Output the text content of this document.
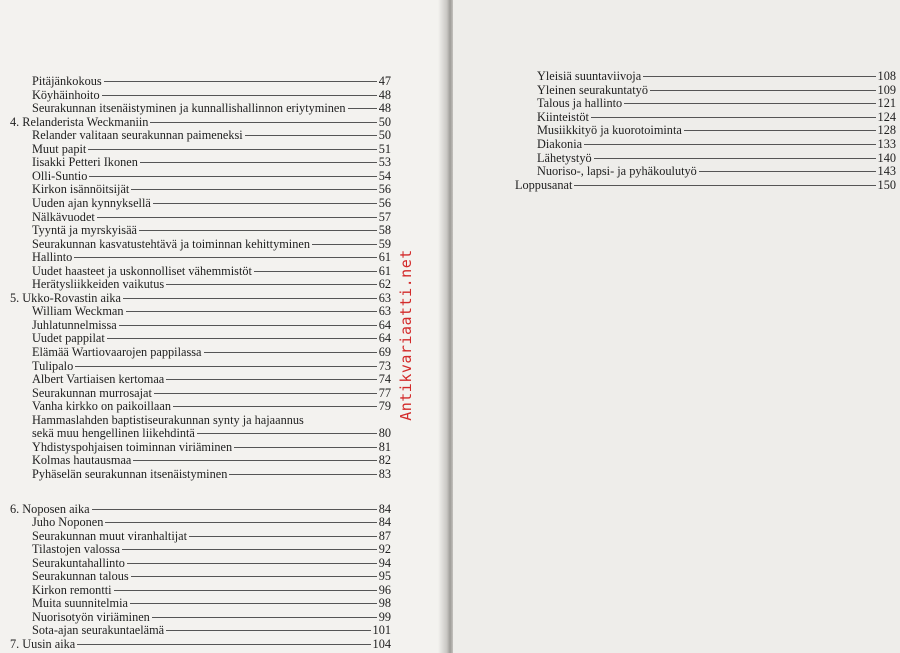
Pitäjänkokous	47
Köyhäinhoito	48
Seurakunnan itsenäistyminen ja kunnallishallinnon eriytyminen	48
4. Relanderista Weckmaniin	50
Relander valitaan seurakunnan paimeneksi	50
Muut papit	51
Iisakki Petteri Ikonen	53
Olli-Suntio	54
Kirkon isännöitsijät	56
Uuden ajan kynnyksellä	56
Nälkävuodet	57
Tyyntä ja myrskyisää	58
Seurakunnan kasvatustehtävä ja toiminnan kehittyminen	59
Hallinto	61
Uudet haasteet ja uskonnolliset vähemmistöt	61
Herätysliikkeiden vaikutus	62
5. Ukko-Rovastin aika	63
William Weckman	63
Juhlatunnelmissa	64
Uudet pappilat	64
Elämää Wartiovaarojen pappilassa	69
Tulipalo	73
Albert Vartiaisen kertomaa	74
Seurakunnan murrosajat	77
Vanha kirkko on paikoillaan	79
Hammaslahden baptistiseurakunnan synty ja hajaannus
sekä muu hengellinen liikehdintä	80
Yhdistyspohjaisen toiminnan viriäminen	81
Kolmas hautausmaa	82
Pyhäselän seurakunnan itsenäistyminen	83
6. Noposen aika	84
Juho Noponen	84
Seurakunnan muut viranhaltijat	87
Tilastojen valossa	92
Seurakuntahallinto	94
Seurakunnan talous	95
Kirkon remontti	96
Muita suunnitelmia	98
Nuorisotyön viriäminen	99
Sota-ajan seurakuntaelämä	101
7. Uusin aika	104
Yleisiä suuntaviivoja	108
Yleinen seurakuntatyö	109
Talous ja hallinto	121
Kiinteistöt	124
Musiikkityö ja kuorotoiminta	128
Diakonia	133
Lähetystyö	140
Nuoriso-, lapsi- ja pyhäkoulutyö	143
Loppusanat	150
Antikvariaatti.net
